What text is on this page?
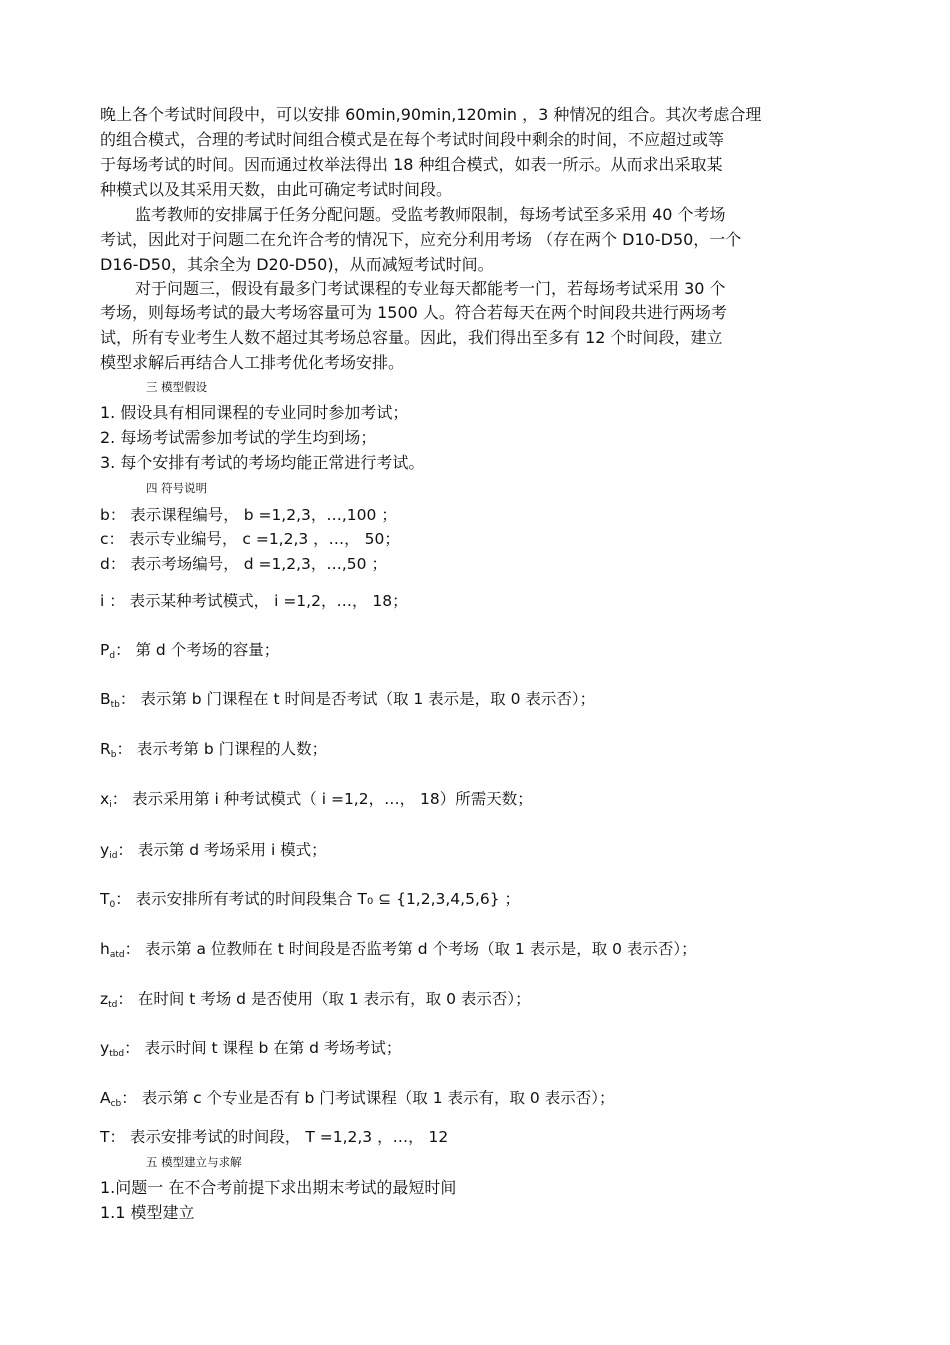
晚上各个考试时间段中，可以安排 60min,90min,120min ，3 种情况的组合。其次考虑合理
的组合模式，合理的考试时间组合模式是在每个考试时间段中剩余的时间，不应超过或等
于每场考试的时间。因而通过枚举法得出 18 种组合模式，如表一所示。从而求出采取某
种模式以及其采用天数，由此可确定考试时间段。
监考教师的安排属于任务分配问题。受监考教师限制，每场考试至多采用 40 个考场
考试，因此对于问题二在允许合考的情况下，应充分利用考场 （存在两个 D10-D50，一个
D16-D50，其余全为 D20-D50)，从而减短考试时间。
对于问题三，假设有最多门考试课程的专业每天都能考一门，若每场考试采用 30 个
考场，则每场考试的最大考场容量可为 1500 人。符合若每天在两个时间段共进行两场考
试，所有专业考生人数不超过其考场总容量。因此，我们得出至多有 12 个时间段，建立
模型求解后再结合人工排考优化考场安排。
三 模型假设
1. 假设具有相同课程的专业同时参加考试；
2. 每场考试需参加考试的学生均到场；
3. 每个安排有考试的考场均能正常进行考试。
四 符号说明
b： 表示课程编号， b =1,2,3，…,100 ；
c： 表示专业编号， c =1,2,3 ，…， 50；
d： 表示考场编号， d =1,2,3，…,50 ；
i ： 表示某种考试模式， i =1,2，…， 18；
$P_d$： 第 d 个考场的容量；
$B_{tb}$： 表示第 b 门课程在 t 时间是否考试（取 1 表示是，取 0 表示否）；
$R_b$： 表示考第 b 门课程的人数；
$x_i$： 表示采用第 i 种考试模式（ i =1,2，…， 18）所需天数；
$y_{id}$： 表示第 d 考场采用 i 模式；
$T_0$： 表示安排所有考试的时间段集合 T₀ ⊆ {1,2,3,4,5,6} ；
$h_{atd}$： 表示第 a 位教师在 t 时间段是否监考第 d 个考场（取 1 表示是，取 0 表示否）；
$z_{td}$： 在时间 t 考场 d 是否使用（取 1 表示有，取 0 表示否）；
$y_{tbd}$： 表示时间 t 课程 b 在第 d 考场考试；
$A_{cb}$： 表示第 c 个专业是否有 b 门考试课程（取 1 表示有，取 0 表示否）；
T： 表示安排考试的时间段， T =1,2,3 ，…， 12
五 模型建立与求解
1.问题一 在不合考前提下求出期末考试的最短时间
1.1 模型建立
